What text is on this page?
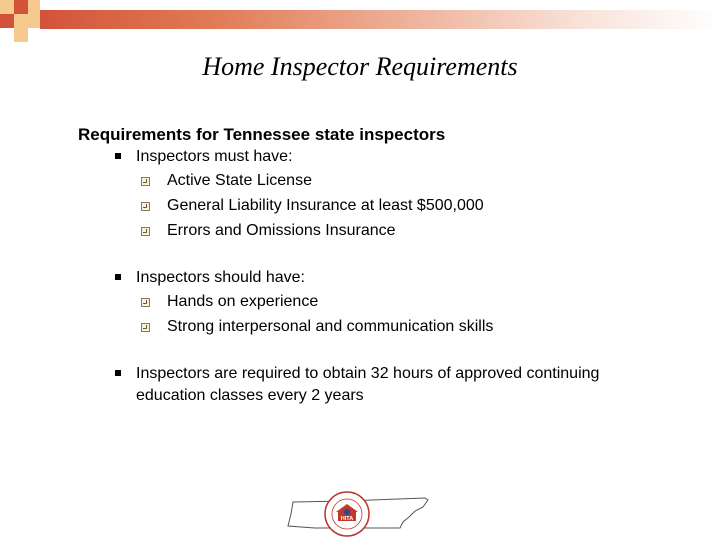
Home Inspector Requirements
Requirements for Tennessee state inspectors
Inspectors must have:
Active State License
General Liability Insurance at least $500,000
Errors and Omissions Insurance
Inspectors should have:
Hands on experience
Strong interpersonal and communication skills
Inspectors are required to obtain 32 hours of approved continuing education classes every 2 years
HITA
